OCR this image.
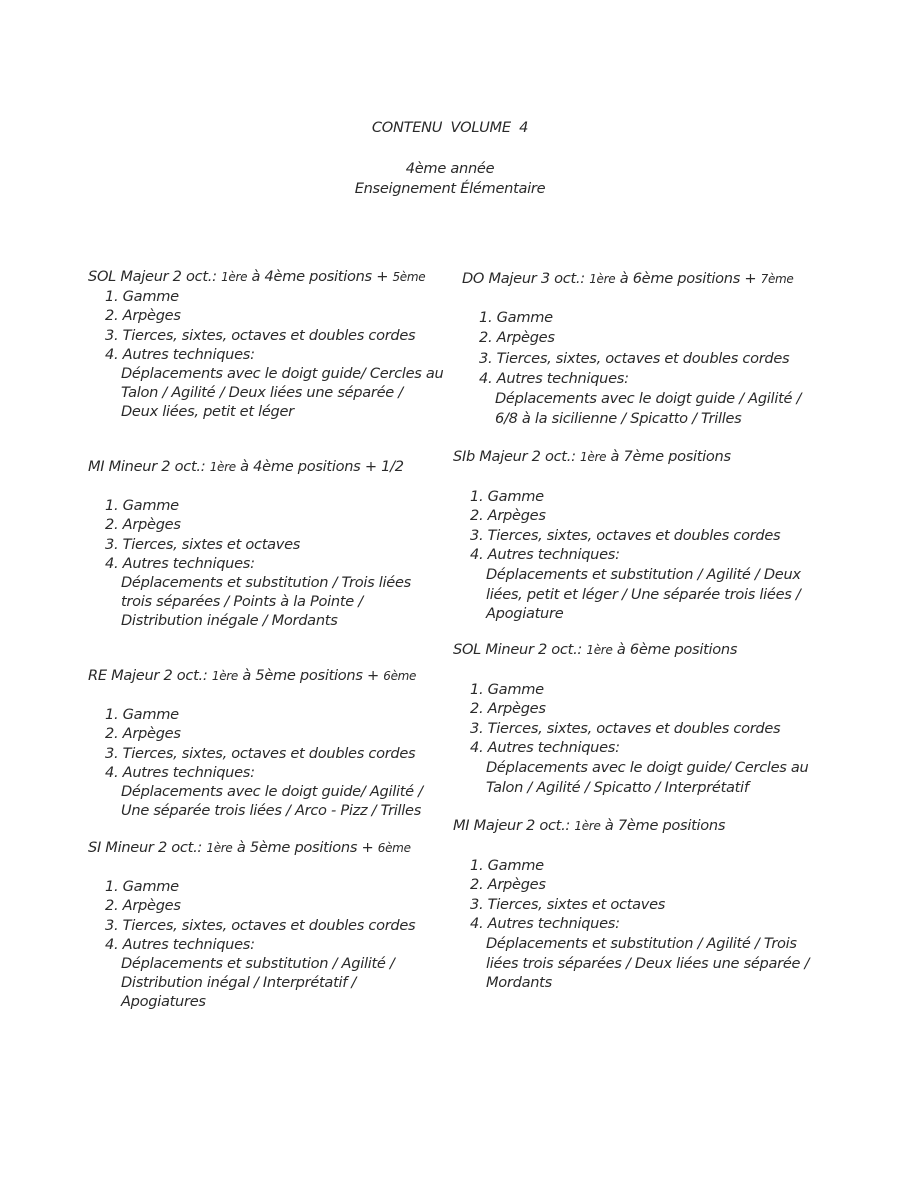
CONTENU VOLUME 4
4ème année
Enseignement Élémentaire
SOL Majeur 2 oct.: 1ère à 4ème positions + 5ème
1. Gamme
2. Arpèges
3. Tierces, sixtes, octaves et doubles cordes
4. Autres techniques:
Déplacements avec le doigt guide/ Cercles au
Talon / Agilité / Deux liées une séparée /
Deux liées, petit et léger
MI Mineur 2 oct.: 1ère à 4ème positions + 1/2
1. Gamme
2. Arpèges
3. Tierces, sixtes et octaves
4. Autres techniques:
Déplacements et substitution / Trois liées
trois séparées / Points à la Pointe /
Distribution inégale / Mordants
RE Majeur 2 oct.: 1ère à 5ème positions + 6ème
1. Gamme
2. Arpèges
3. Tierces, sixtes, octaves et doubles cordes
4. Autres techniques:
Déplacements avec le doigt guide/ Agilité /
Une séparée trois liées / Arco - Pizz / Trilles
SI Mineur 2 oct.: 1ère à 5ème positions + 6ème
1. Gamme
2. Arpèges
3. Tierces, sixtes, octaves et doubles cordes
4. Autres techniques:
Déplacements et substitution / Agilité /
Distribution inégal / Interprétatif /
Apogiatures
DO Majeur 3 oct.: 1ère à 6ème positions + 7ème
1. Gamme
2. Arpèges
3. Tierces, sixtes, octaves et doubles cordes
4. Autres techniques:
Déplacements avec le doigt guide / Agilité /
6/8 à la sicilienne / Spicatto / Trilles
SIb Majeur 2 oct.: 1ère à 7ème positions
1. Gamme
2. Arpèges
3. Tierces, sixtes, octaves et doubles cordes
4. Autres techniques:
Déplacements et substitution / Agilité / Deux
liées, petit et léger / Une séparée trois liées /
Apogiature
SOL Mineur 2 oct.: 1ère à 6ème positions
1. Gamme
2. Arpèges
3. Tierces, sixtes, octaves et doubles cordes
4. Autres techniques:
Déplacements avec le doigt guide/ Cercles au
Talon / Agilité / Spicatto / Interprétatif
MI Majeur 2 oct.: 1ère à 7ème positions
1. Gamme
2. Arpèges
3. Tierces, sixtes et octaves
4. Autres techniques:
Déplacements et substitution / Agilité / Trois
liées trois séparées / Deux liées une séparée /
Mordants
